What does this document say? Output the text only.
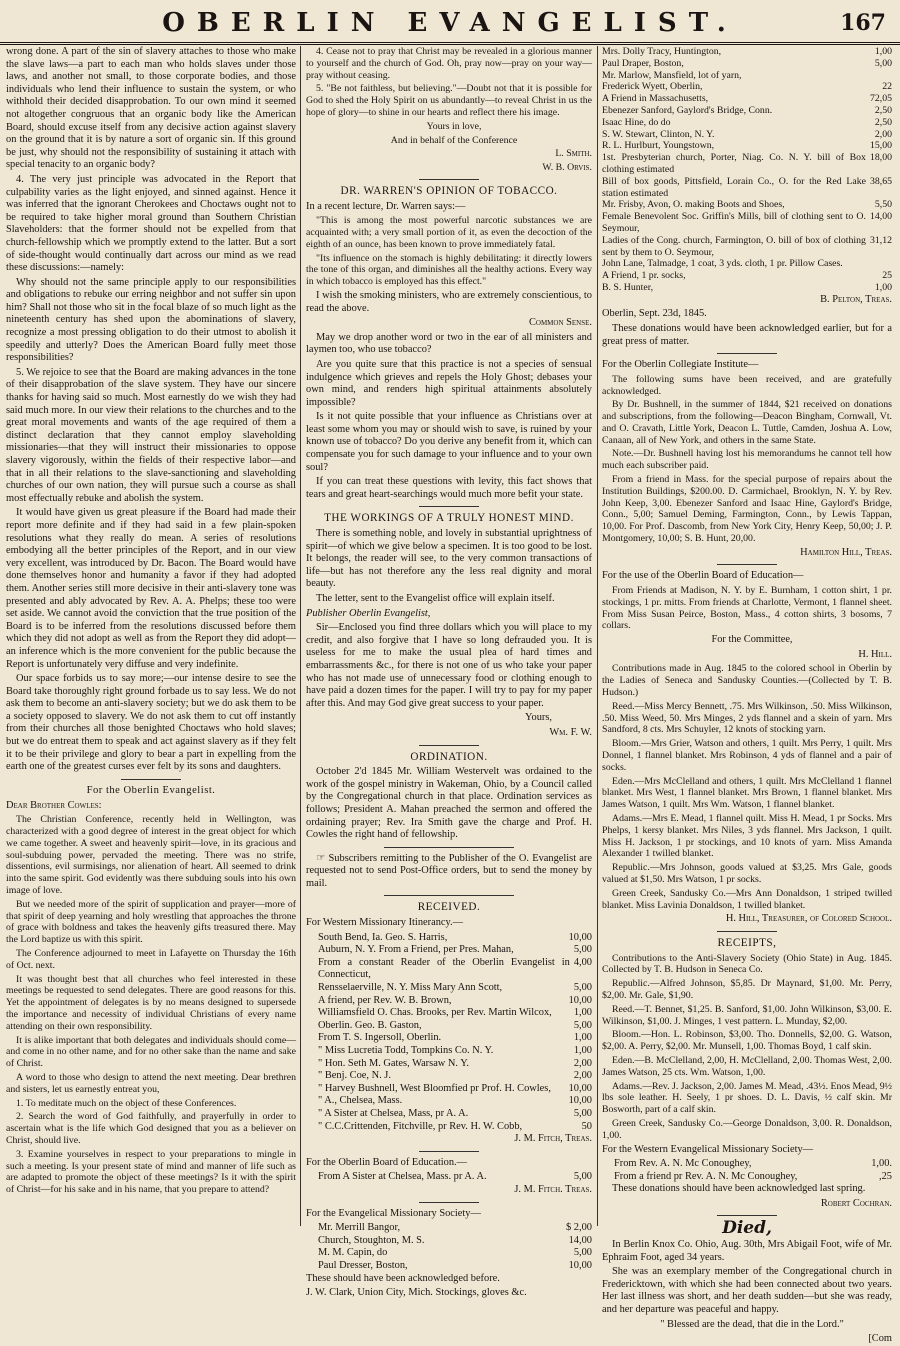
OBERLIN EVANGELIST.	167

wrong done. A part of the sin of slavery attaches to those who make the slave laws—a part to each man who holds slaves under those laws, and another not small, to those corporate bodies, and those individuals who lend their influence to sustain the system, or who withhold their decided disapprobation. To our own mind it seemed not altogether congruous that an organic body like the American Board, should excuse itself from any decisive action against slavery on the ground that it is by nature a sort of organic sin. If this ground be just, why should not the responsibility of sustaining it attach with special tenacity to an organic body?

4. The very just principle was advocated in the Report that culpability varies as the light enjoyed, and sinned against. Hence it was inferred that the ignorant Cherokees and Choctaws ought not to be required to take higher moral ground than Southern Christian Slaveholders: that the former should not be expelled from that church-fellowship which we promptly extend to the latter. But a sort of side-thought would continually dart across our mind as we read these discussions:—namely:

Why should not the same principle apply to our responsibilities and obligations to rebuke our erring neighbor and not suffer sin upon him? Shall not those who sit in the focal blaze of so much light as the nineteenth century has shed upon the abominations of slavery, recognize a most pressing obligation to do their utmost to abolish it speedily and utterly? Does the American Board fully meet those responsibilities?

5. We rejoice to see that the Board are making advances in the tone of their disapprobation of the slave system. They have our sincere thanks for having said so much. Most earnestly do we wish they had said much more. In our view their relations to the churches and to the great moral movements and wants of the age required of them a distinct declaration that they cannot employ slaveholding missionaries—that they will instruct their missionaries to oppose slavery vigorously, within the fields of their respective labor—and that in all their relations to the slave-sanctioning and slaveholding churches of our own nation, they will pursue such a course as shall most effectually rebuke and abolish the system.

It would have given us great pleasure if the Board had made their report more definite and if they had said in a few plain-spoken resolutions what they really do mean. A series of resolutions embodying all the better principles of the Report, and in our view very excellent, was introduced by Dr. Bacon. The Board would have done themselves honor and humanity a favor if they had adopted them. Another series still more decisive in their anti-slavery tone was presented and ably advocated by Rev. A. A. Phelps; these too were set aside. We cannot avoid the conviction that the true position of the Board is to be inferred from the resolutions discussed before them which they did not adopt as well as from the Report they did adopt—an inference which is the more convenient for the public because the Report is unfortunately very diffuse and very indefinite.

Our space forbids us to say more;—our intense desire to see the Board take thoroughly right ground forbade us to say less. We do not ask them to become an anti-slavery society; but we do ask them to be a society opposed to slavery. We do not ask them to cut off instantly from their churches all those benighted Choctaws who hold slaves; but we do entreat them to speak and act against slavery as if they felt it to be their privilege and glory to bear a part in expelling from the earth one of the greatest curses ever felt by its sons and daughters.

For the Oberlin Evangelist.

Dear Brother Cowles:

The Christian Conference, recently held in Wellington, was characterized with a good degree of interest in the great object for which we came together. A sweet and heavenly spirit—love, in its gracious and soul-subduing power, pervaded the meeting. There was no strife, dissentions, evil surmisings, nor alienation of heart. All seemed to drink into the same spirit. God evidently was there subduing souls into his own image of love.

But we needed more of the spirit of supplication and prayer—more of that spirit of deep yearning and holy wrestling that approaches the throne of grace with boldness and takes the heavenly gifts treasured there. May the Lord baptize us with this spirit.

The Conference adjourned to meet in Lafayette on Thursday the 16th of Oct. next.

It was thought best that all churches who feel interested in these meetings be requested to send delegates. There are good reasons for this. Yet the appointment of delegates is by no means designed to supersede the importance and necessity of individual Christians of every name attending on their own responsibility.

It is alike important that both delegates and individuals should come—and come in no other name, and for no other sake than the name and sake of Christ.

A word to those who design to attend the next meeting. Dear brethren and sisters, let us earnestly entreat you,

1. To meditate much on the object of these Conferences.

2. Search the word of God faithfully, and prayerfully in order to ascertain what is the life which God designed that you as a believer on Christ, should live.

3. Examine yourselves in respect to your preparations to mingle in such a meeting. Is your present state of mind and manner of life such as are adapted to promote the object of these meetings? Is it with the spirit of Christ—for his sake and in his name, that you prepare to attend?

4. Cease not to pray that Christ may be revealed in a glorious manner to yourself and the church of God. Oh, pray now—pray on your way—pray without ceasing.

5. "Be not faithless, but believing."—Doubt not that it is possible for God to shed the Holy Spirit on us abundantly—to reveal Christ in us the hope of glory—to shine in our hearts and reflect there his image.

Yours in love,

And in behalf of the Conference

L. Smith.

W. B. Orvis.

DR. WARREN'S OPINION OF TOBACCO.

In a recent lecture, Dr. Warren says:—

"This is among the most powerful narcotic substances we are acquainted with; a very small portion of it, as even the decoction of the eighth of an ounce, has been known to prove immediately fatal.

"Its influence on the stomach is highly debilitating: it directly lowers the tone of this organ, and diminishes all the healthy actions. Every way in which tobacco is employed has this effect."

I wish the smoking ministers, who are extremely conscientious, to read the above.

Common Sense.

May we drop another word or two in the ear of all ministers and laymen too, who use tobacco?

Are you quite sure that this practice is not a species of sensual indulgence which grieves and repels the Holy Ghost; debases your own mind, and renders high spiritual attainments absolutely impossible?

Is it not quite possible that your influence as Christians over at least some whom you may or should wish to save, is ruined by your known use of tobacco? Do you derive any benefit from it, which can compensate you for such damage to your influence and to your own soul?

If you can treat these questions with levity, this fact shows that tears and great heart-searchings would much more befit your state.

THE WORKINGS OF A TRULY HONEST MIND.

There is something noble, and lovely in substantial uprightness of spirit—of which we give below a specimen. It is too good to be lost. It belongs, the reader will see, to the very common transactions of life—but has not therefore any the less real dignity and moral beauty.

The letter, sent to the Evangelist office will explain itself.

Publisher Oberlin Evangelist,

Sir—Enclosed you find three dollars which you will place to my credit, and also forgive that I have so long defrauded you. It is useless for me to make the usual plea of hard times and embarrassments &c., for there is not one of us who take your paper who has not made use of unnecessary food or clothing enough to have paid a dozen times for the paper. I will try to pay for my paper after this. And may God give great success to your paper.

Yours,

Wm. F. W.

ORDINATION.

October 2'd 1845 Mr. William Westervelt was ordained to the work of the gospel ministry in Wakeman, Ohio, by a Council called by the Congregational church in that place. Ordination services as follows; President A. Mahan preached the sermon and offered the ordaining prayer; Rev. Ira Smith gave the charge and Prof. H. Cowles the right hand of fellowship.

☞ Subscribers remitting to the Publisher of the O. Evangelist are requested not to send Post-Office orders, but to send the money by mail.

RECEIVED.

For Western Missionary Itinerancy.—

South Bend, Ia. Geo. S. Harris,	10,00
Auburn, N. Y. From a Friend, per Pres. Mahan,	5,00
From a constant Reader of the Oberlin Evangelist in Connecticut,
4,00
Rensselaerville, N. Y. Miss Mary Ann Scott,	5,00
A friend, per Rev. W. B. Brown,	10,00
Williamsfield O. Chas. Brooks, per Rev. Martin Wilcox, 1,00
Oberlin. Geo. B. Gaston,	5,00
From T. S. Ingersoll, Oberlin.	1,00
" Miss Lucretia Todd, Tompkins Co. N. Y.	1,00
" Hon. Seth M. Gates, Warsaw N. Y.	2,00
" Benj. Coe, N. J.	2,00
" Harvey Bushnell, West Bloomfied pr Prof. H. Cowles, 10,00
" A., Chelsea, Mass.	10,00
" A Sister at Chelsea, Mass, pr A. A.	5,00
" C.C.Crittenden, Fitchville, pr Rev. H. W. Cobb,	50

J. M. Fitch, Treas.

For the Oberlin Board of Education.—

From A Sister at Chelsea, Mass. pr A. A.	5,00

J. M. Fitch. Treas.

For the Evangelical Missionary Society—

Mr. Merrill Bangor,	$ 2,00
Church, Stoughton, M. S.	14,00
M. M. Capin, do	5,00
Paul Dresser, Boston,	10,00

These should have been acknowledged before.

J. W. Clark, Union City, Mich. Stockings, gloves &c.

Mrs. Dolly Tracy, Huntington,	1,00
Paul Draper, Boston,	5,00
Mr. Marlow, Mansfield, lot of yarn,
Frederick Wyett, Oberlin,	22
A Friend in Massachusetts,	72,05
Ebenezer Sanford, Gaylord's Bridge, Conn.	2,50
Isaac Hine, do do	2,50
S. W. Stewart, Clinton, N. Y.	2,00
R. L. Hurlburt, Youngstown,	15,00
1st. Presbyterian church, Porter, Niag. Co. N. Y. bill of Box clothing estimated
18,00
Bill of box goods, Pittsfield, Lorain Co., O. for the Red Lake station estimated
38,65
Mr. Frisby, Avon, O. making Boots and Shoes,	5,50
Female Benevolent Soc. Griffin's Mills, bill of clothing sent to O. Seymour,
14,00
Ladies of the Cong. church, Farmington, O. bill of box of clothing sent by them to O. Seymour,
31,12
John Lane, Talmadge, 1 coat, 3 yds. cloth, 1 pr. Pillow Cases.
A Friend, 1 pr. socks,	25
B. S. Hunter,	1,00

B. Pelton, Treas.

Oberlin, Sept. 23d, 1845.

These donations would have been acknowledged earlier, but for a great press of matter.

For the Oberlin Collegiate Institute—

The following sums have been received, and are gratefully acknowledged.

By Dr. Bushnell, in the summer of 1844, $21 received on donations and subscriptions, from the following—Deacon Bingham, Cornwall, Vt. and O. Cravath, Little York, Deacon L. Tuttle, Camden, Joshua A. Low, Canaan, all of New York, and others in the same State.

Note.—Dr. Bushnell having lost his memorandums he cannot tell how much each subscriber paid.

From a friend in Mass. for the special purpose of repairs about the Institution Buildings, $200.00. D. Carmichael, Brooklyn, N. Y. by Rev. John Keep, 3,00. Ebenezer Sanford and Isaac Hine, Gaylord's Bridge, Conn., 5,00; Samuel Deming, Farmington, Conn., by Lewis Tappan, 10,00. For Prof. Dascomb, from New York City, Henry Keep, 50,00; J. P. Montgomery, 10,00; S. B. Hunt, 20,00.

Hamilton Hill, Treas.

For the use of the Oberlin Board of Education—

From Friends at Madison, N. Y. by E. Burnham, 1 cotton shirt, 1 pr. stockings, 1 pr. mitts. From friends at Charlotte, Vermont, 1 flannel sheet. From Miss Susan Peirce, Boston, Mass., 4 cotton shirts, 3 bosoms, 7 collars.

For the Committee,

H. Hill.

Contributions made in Aug. 1845 to the colored school in Oberlin by the Ladies of Seneca and Sandusky Counties.—(Collected by T. B. Hudson.)

Reed.—Miss Mercy Bennett, .75. Mrs Wilkinson, .50. Miss Wilkinson, .50. Miss Weed, 50. Mrs Minges, 2 yds flannel and a skein of yarn. Mrs Sandford, 8 cts. Mrs Schuyler, 12 knots of stocking yarn.

Bloom.—Mrs Grier, Watson and others, 1 quilt. Mrs Perry, 1 quilt. Mrs Donnel, 1 flannel blanket. Mrs Robinson, 4 yds of flannel and a pair of socks.

Eden.—Mrs McClelland and others, 1 quilt. Mrs McClelland 1 flannel blanket. Mrs West, 1 flannel blanket. Mrs Brown, 1 flannel blanket. Mrs James Watson, 1 quilt. Mrs Wm. Watson, 1 flannel blanket.

Adams.—Mrs E. Mead, 1 flannel quilt. Miss H. Mead, 1 pr Socks. Mrs Phelps, 1 kersy blanket. Mrs Niles, 3 yds flannel. Mrs Jackson, 1 quilt. Miss H. Jackson, 1 pr stockings, and 10 knots of yarn. Miss Amanda Alexander 1 twilled blanket.

Republic.—Mrs Johnson, goods valued at $3,25. Mrs Gale, goods valued at $1,50. Mrs Watson, 1 pr socks.

Green Creek, Sandusky Co.—Mrs Ann Donaldson, 1 striped twilled blanket. Miss Lavinia Donaldson, 1 twilled blanket.

H. Hill, Treasurer, of Colored School.

RECEIPTS,

Contributions to the Anti-Slavery Society (Ohio State) in Aug. 1845. Collected by T. B. Hudson in Seneca Co.

Republic.—Alfred Johnson, $5,85. Dr Maynard, $1,00. Mr. Perry, $2,00. Mr. Gale, $1,90.

Reed.—T. Bennet, $1,25. B. Sanford, $1,00. John Wilkinson, $3,00. E. Wilkinson, $1,00. J. Minges, 1 vest pattern. L. Munday, $2,00.

Bloom.—Hon. L. Robinson, $3,00. Tho. Donnells, $2,00. G. Watson, $2,00. A. Perry, $2,00. Mr. Munsell, 1,00. Thomas Boyd, 1 calf skin.

Eden.—B. McClelland, 2,00, H. McClelland, 2,00. Thomas West, 2,00. James Watson, 25 cts. Wm. Watson, 1,00.

Adams.—Rev. J. Jackson, 2,00. James M. Mead, .43½. Enos Mead, 9½ lbs sole leather. H. Seely, 1 pr shoes. D. L. Davis, ½ calf skin. Mr Bosworth, part of a calf skin.

Green Creek, Sandusky Co.—George Donaldson, 3,00. R. Donaldson, 1,00.

For the Western Evangelical Missionary Society—

From Rev. A. N. Mc Conoughey,	1,00.
From a friend pr Rev. A. N. Mc Conoughey,	,25

These donations should have been acknowledged last spring.

Robert Cochran.

Died,

In Berlin Knox Co. Ohio, Aug. 30th, Mrs Abigail Foot, wife of Mr. Ephraim Foot, aged 34 years.

She was an exemplary member of the Congregational church in Fredericktown, with which she had been connected about two years. Her last illness was short, and her death sudden—but she was ready, and her departure was peaceful and happy.

" Blessed are the dead, that die in the Lord."

[Com
